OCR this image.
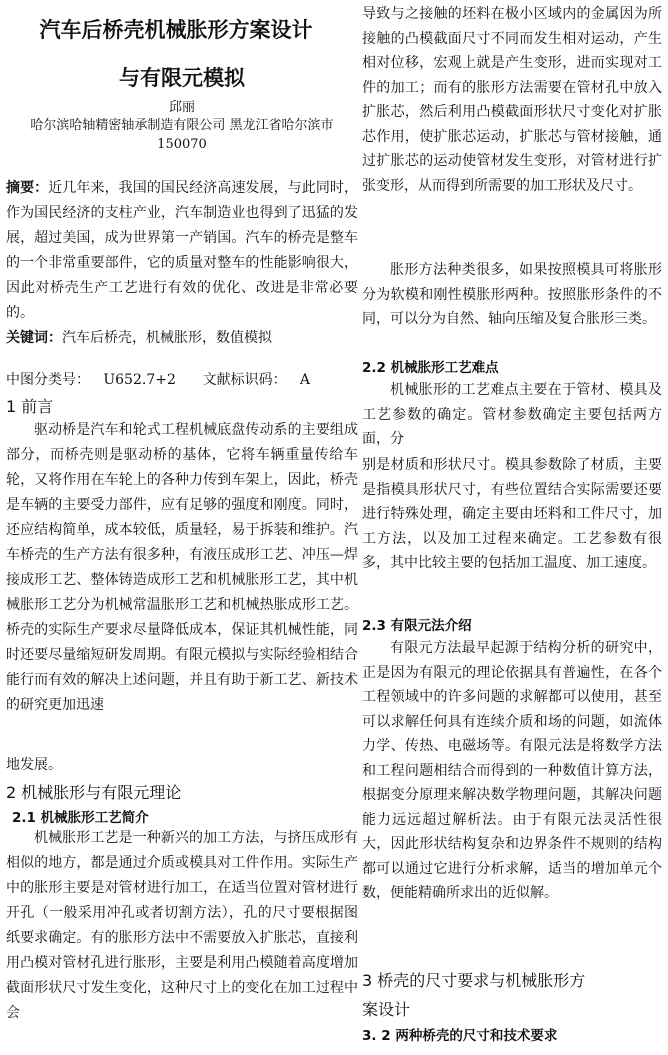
汽车后桥壳机械胀形方案设计
与有限元模拟
邱丽
哈尔滨哈轴精密轴承制造有限公司 黑龙江省哈尔滨市
150070

摘要：近几年来，我国的国民经济高速发展，与此同时，作为国民经济的支柱产业，汽车制造业也得到了迅猛的发展，超过美国，成为世界第一产销国。汽车的桥壳是整车的一个非常重要部件，它的质量对整车的性能影响很大，因此对桥壳生产工艺进行有效的优化、改进是非常必要的。

关键词：汽车后桥壳，机械胀形，数值模拟

中图分类号：   U652.7+2      文献标识码：   A

1 前言

驱动桥是汽车和轮式工程机械底盘传动系的主要组成部分，而桥壳则是驱动桥的基体，它将车辆重量传给车轮，又将作用在车轮上的各种力传到车架上，因此，桥壳是车辆的主要受力部件，应有足够的强度和刚度。同时，还应结构简单，成本较低，质量轻，易于拆装和维护。汽车桥壳的生产方法有很多种，有液压成形工艺、冲压—焊接成形工艺、整体铸造成形工艺和机械胀形工艺，其中机械胀形工艺分为机械常温胀形工艺和机械热胀成形工艺。桥壳的实际生产要求尽量降低成本，保证其机械性能，同时还要尽量缩短研发周期。有限元模拟与实际经验相结合能行而有效的解决上述问题，并且有助于新工艺、新技术的研究更加迅速

地发展。

2 机械胀形与有限元理论
2.1 机械胀形工艺简介

机械胀形工艺是一种新兴的加工方法，与挤压成形有相似的地方，都是通过介质或模具对工件作用。实际生产中的胀形主要是对管材进行加工，在适当位置对管材进行开孔（一般采用冲孔或者切割方法），孔的尺寸要根据图纸要求确定。有的胀形方法中不需要放入扩胀芯，直接利用凸模对管材孔进行胀形，主要是利用凸模随着高度增加截面形状尺寸发生变化，这种尺寸上的变化在加工过程中会

导致与之接触的坯料在极小区域内的金属因为所接触的凸模截面尺寸不同而发生相对运动，产生相对位移，宏观上就是产生变形，进而实现对工件的加工；而有的胀形方法需要在管材孔中放入扩胀芯，然后利用凸模截面形状尺寸变化对扩胀芯作用，使扩胀芯运动，扩胀芯与管材接触，通过扩胀芯的运动使管材发生变形，对管材进行扩张变形，从而得到所需要的加工形状及尺寸。

胀形方法种类很多，如果按照模具可将胀形分为软模和刚性模胀形两种。按照胀形条件的不同，可以分为自然、轴向压缩及复合胀形三类。

2.2 机械胀形工艺难点

机械胀形的工艺难点主要在于管材、模具及工艺参数的确定。管材参数确定主要包括两方面，分

别是材质和形状尺寸。模具参数除了材质，主要是指模具形状尺寸，有些位置结合实际需要还要进行特殊处理，确定主要由坯料和工件尺寸，加工方法，以及加工过程来确定。工艺参数有很多，其中比较主要的包括加工温度、加工速度。

2.3 有限元法介绍

有限元方法最早起源于结构分析的研究中，正是因为有限元的理论依据具有普遍性，在各个工程领域中的许多问题的求解都可以使用，甚至可以求解任何具有连续介质和场的问题，如流体力学、传热、电磁场等。有限元法是将数学方法和工程问题相结合而得到的一种数值计算方法，根据变分原理来解决数学物理问题，其解决问题能力远远超过解析法。由于有限元法灵活性很大，因此形状结构复杂和边界条件不规则的结构都可以通过它进行分析求解，适当的增加单元个数，便能精确所求出的近似解。

3 桥壳的尺寸要求与机械胀形方
案设计
3. 2 两种桥壳的尺寸和技术要求
